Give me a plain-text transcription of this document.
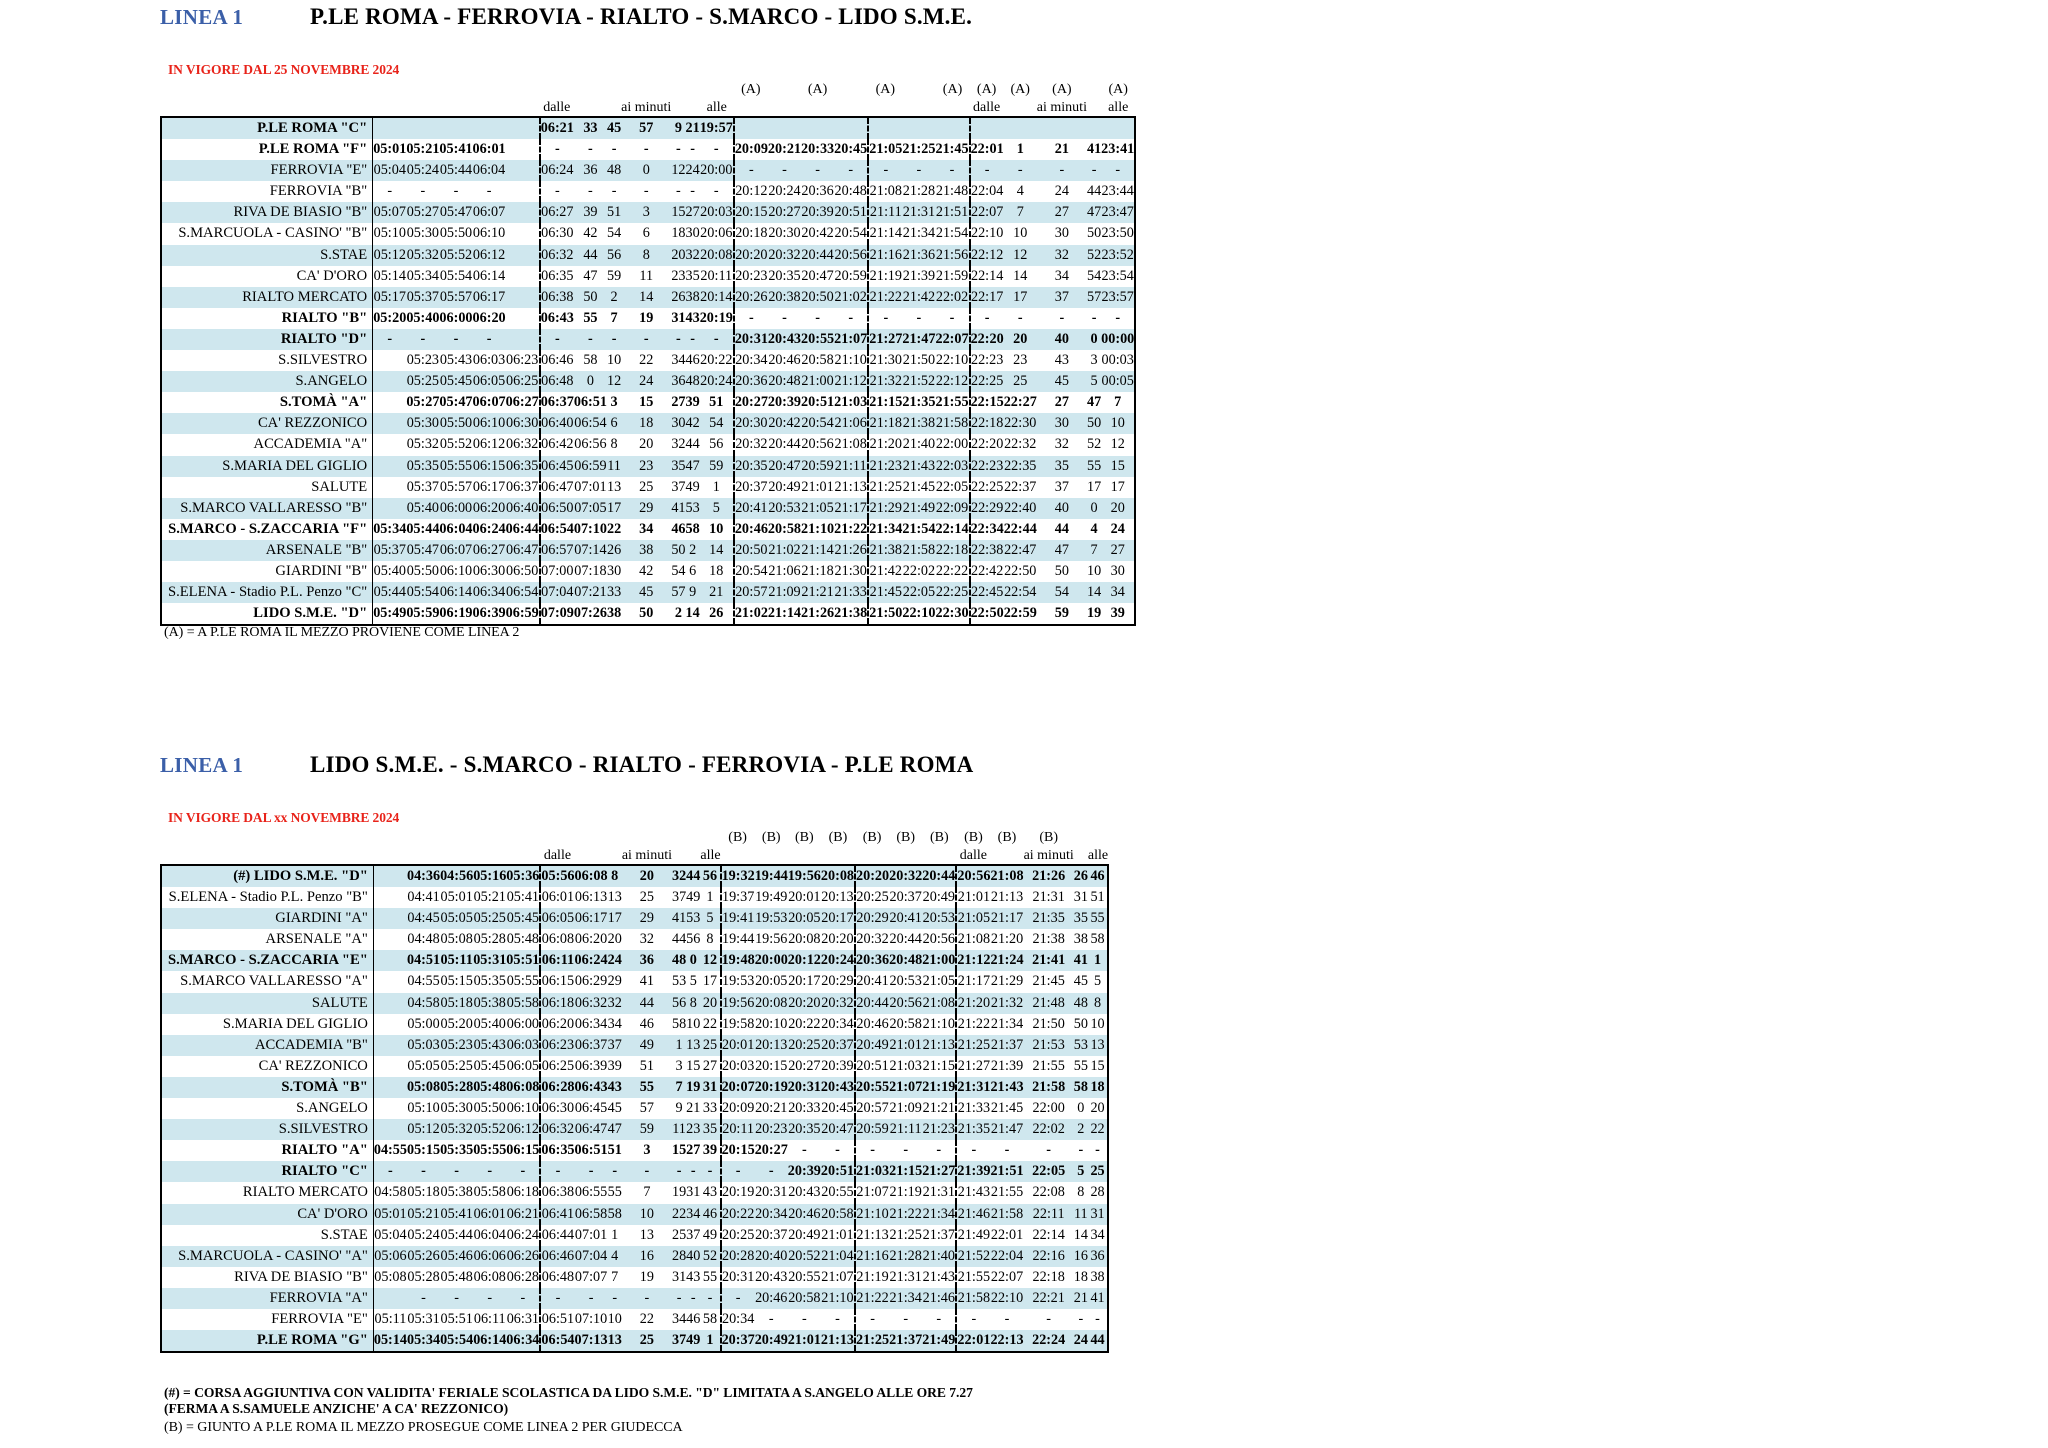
LINEA 1	P.LE ROMA - FERROVIA - RIALTO - S.MARCO - LIDO S.M.E.
IN VIGORE DAL 25 NOVEMBRE 2024
													(A)		(A)		(A)		(A)	(A)	(A)	(A)		(A)
						dalle			ai minuti			alle								dalle		ai minuti		alle
P.LE ROMA "C"						06:21	33	45	57	9	21	19:57												
P.LE ROMA "F"	05:01	05:21	05:41	06:01		-	-	-	-	-	-	-	20:09	20:21	20:33	20:45	21:05	21:25	21:45	22:01	1	21	41	23:41
FERROVIA "E"	05:04	05:24	05:44	06:04		06:24	36	48	0	12	24	20:00	-	-	-	-	-	-	-	-	-	-	-	-
FERROVIA "B"	-	-	-	-		-	-	-	-	-	-	-	20:12	20:24	20:36	20:48	21:08	21:28	21:48	22:04	4	24	44	23:44
RIVA DE BIASIO "B"	05:07	05:27	05:47	06:07		06:27	39	51	3	15	27	20:03	20:15	20:27	20:39	20:51	21:11	21:31	21:51	22:07	7	27	47	23:47
S.MARCUOLA - CASINO' "B"	05:10	05:30	05:50	06:10		06:30	42	54	6	18	30	20:06	20:18	20:30	20:42	20:54	21:14	21:34	21:54	22:10	10	30	50	23:50
S.STAE	05:12	05:32	05:52	06:12		06:32	44	56	8	20	32	20:08	20:20	20:32	20:44	20:56	21:16	21:36	21:56	22:12	12	32	52	23:52
CA' D'ORO	05:14	05:34	05:54	06:14		06:35	47	59	11	23	35	20:11	20:23	20:35	20:47	20:59	21:19	21:39	21:59	22:14	14	34	54	23:54
RIALTO MERCATO	05:17	05:37	05:57	06:17		06:38	50	2	14	26	38	20:14	20:26	20:38	20:50	21:02	21:22	21:42	22:02	22:17	17	37	57	23:57
RIALTO "B"	05:20	05:40	06:00	06:20		06:43	55	7	19	31	43	20:19	-	-	-	-	-	-	-	-	-	-	-	-
RIALTO "D"	-	-	-	-		-	-	-	-	-	-	-	20:31	20:43	20:55	21:07	21:27	21:47	22:07	22:20	20	40	0	00:00
S.SILVESTRO		05:23	05:43	06:03	06:23	06:46	58	10	22	34	46	20:22	20:34	20:46	20:58	21:10	21:30	21:50	22:10	22:23	23	43	3	00:03
S.ANGELO		05:25	05:45	06:05	06:25	06:48	0	12	24	36	48	20:24	20:36	20:48	21:00	21:12	21:32	21:52	22:12	22:25	25	45	5	00:05
S.TOMÀ "A"		05:27	05:47	06:07	06:27	06:37	06:51	3	15	27	39	51	20:27	20:39	20:51	21:03	21:15	21:35	21:55	22:15	22:27	27	47	7
CA' REZZONICO		05:30	05:50	06:10	06:30	06:40	06:54	6	18	30	42	54	20:30	20:42	20:54	21:06	21:18	21:38	21:58	22:18	22:30	30	50	10
ACCADEMIA "A"		05:32	05:52	06:12	06:32	06:42	06:56	8	20	32	44	56	20:32	20:44	20:56	21:08	21:20	21:40	22:00	22:20	22:32	32	52	12
S.MARIA DEL GIGLIO		05:35	05:55	06:15	06:35	06:45	06:59	11	23	35	47	59	20:35	20:47	20:59	21:11	21:23	21:43	22:03	22:23	22:35	35	55	15
SALUTE		05:37	05:57	06:17	06:37	06:47	07:01	13	25	37	49	1	20:37	20:49	21:01	21:13	21:25	21:45	22:05	22:25	22:37	37	17	17
S.MARCO VALLARESSO "B"		05:40	06:00	06:20	06:40	06:50	07:05	17	29	41	53	5	20:41	20:53	21:05	21:17	21:29	21:49	22:09	22:29	22:40	40	0	20
S.MARCO - S.ZACCARIA "F"	05:34	05:44	06:04	06:24	06:44	06:54	07:10	22	34	46	58	10	20:46	20:58	21:10	21:22	21:34	21:54	22:14	22:34	22:44	44	4	24
ARSENALE "B"	05:37	05:47	06:07	06:27	06:47	06:57	07:14	26	38	50	2	14	20:50	21:02	21:14	21:26	21:38	21:58	22:18	22:38	22:47	47	7	27
GIARDINI "B"	05:40	05:50	06:10	06:30	06:50	07:00	07:18	30	42	54	6	18	20:54	21:06	21:18	21:30	21:42	22:02	22:22	22:42	22:50	50	10	30
S.ELENA - Stadio P.L. Penzo "C"	05:44	05:54	06:14	06:34	06:54	07:04	07:21	33	45	57	9	21	20:57	21:09	21:21	21:33	21:45	22:05	22:25	22:45	22:54	54	14	34
LIDO S.M.E. "D"	05:49	05:59	06:19	06:39	06:59	07:09	07:26	38	50	2	14	26	21:02	21:14	21:26	21:38	21:50	22:10	22:30	22:50	22:59	59	19	39
(A) = A P.LE ROMA IL MEZZO PROVIENE COME LINEA 2
LINEA 1	LIDO S.M.E. - S.MARCO - RIALTO - FERROVIA - P.LE ROMA
IN VIGORE DAL xx NOVEMBRE 2024
													(B)	(B)	(B)	(B)	(B)	(B)	(B)	(B)	(B)	(B)		
						dalle			ai minuti			alle								dalle		ai minuti		alle
(#) LIDO S.M.E. "D"		04:36	04:56	05:16	05:36	05:56	06:08	8	20	32	44	56	19:32	19:44	19:56	20:08	20:20	20:32	20:44	20:56	21:08	21:26	26	46
S.ELENA - Stadio P.L. Penzo "B"		04:41	05:01	05:21	05:41	06:01	06:13	13	25	37	49	1	19:37	19:49	20:01	20:13	20:25	20:37	20:49	21:01	21:13	21:31	31	51
GIARDINI "A"		04:45	05:05	05:25	05:45	06:05	06:17	17	29	41	53	5	19:41	19:53	20:05	20:17	20:29	20:41	20:53	21:05	21:17	21:35	35	55
ARSENALE "A"		04:48	05:08	05:28	05:48	06:08	06:20	20	32	44	56	8	19:44	19:56	20:08	20:20	20:32	20:44	20:56	21:08	21:20	21:38	38	58
S.MARCO - S.ZACCARIA "E"		04:51	05:11	05:31	05:51	06:11	06:24	24	36	48	0	12	19:48	20:00	20:12	20:24	20:36	20:48	21:00	21:12	21:24	21:41	41	1
S.MARCO VALLARESSO "A"		04:55	05:15	05:35	05:55	06:15	06:29	29	41	53	5	17	19:53	20:05	20:17	20:29	20:41	20:53	21:05	21:17	21:29	21:45	45	5
SALUTE		04:58	05:18	05:38	05:58	06:18	06:32	32	44	56	8	20	19:56	20:08	20:20	20:32	20:44	20:56	21:08	21:20	21:32	21:48	48	8
S.MARIA DEL GIGLIO		05:00	05:20	05:40	06:00	06:20	06:34	34	46	58	10	22	19:58	20:10	20:22	20:34	20:46	20:58	21:10	21:22	21:34	21:50	50	10
ACCADEMIA "B"		05:03	05:23	05:43	06:03	06:23	06:37	37	49	1	13	25	20:01	20:13	20:25	20:37	20:49	21:01	21:13	21:25	21:37	21:53	53	13
CA' REZZONICO		05:05	05:25	05:45	06:05	06:25	06:39	39	51	3	15	27	20:03	20:15	20:27	20:39	20:51	21:03	21:15	21:27	21:39	21:55	55	15
S.TOMÀ "B"		05:08	05:28	05:48	06:08	06:28	06:43	43	55	7	19	31	20:07	20:19	20:31	20:43	20:55	21:07	21:19	21:31	21:43	21:58	58	18
S.ANGELO		05:10	05:30	05:50	06:10	06:30	06:45	45	57	9	21	33	20:09	20:21	20:33	20:45	20:57	21:09	21:21	21:33	21:45	22:00	0	20
S.SILVESTRO		05:12	05:32	05:52	06:12	06:32	06:47	47	59	11	23	35	20:11	20:23	20:35	20:47	20:59	21:11	21:23	21:35	21:47	22:02	2	22
RIALTO "A"	04:55	05:15	05:35	05:55	06:15	06:35	06:51	51	3	15	27	39	20:15	20:27	-	-	-	-	-	-	-	-	-	-
RIALTO "C"	-	-	-	-	-	-	-	-	-	-	-	-	-	-	20:39	20:51	21:03	21:15	21:27	21:39	21:51	22:05	5	25
RIALTO MERCATO	04:58	05:18	05:38	05:58	06:18	06:38	06:55	55	7	19	31	43	20:19	20:31	20:43	20:55	21:07	21:19	21:31	21:43	21:55	22:08	8	28
CA' D'ORO	05:01	05:21	05:41	06:01	06:21	06:41	06:58	58	10	22	34	46	20:22	20:34	20:46	20:58	21:10	21:22	21:34	21:46	21:58	22:11	11	31
S.STAE	05:04	05:24	05:44	06:04	06:24	06:44	07:01	1	13	25	37	49	20:25	20:37	20:49	21:01	21:13	21:25	21:37	21:49	22:01	22:14	14	34
S.MARCUOLA - CASINO' "A"	05:06	05:26	05:46	06:06	06:26	06:46	07:04	4	16	28	40	52	20:28	20:40	20:52	21:04	21:16	21:28	21:40	21:52	22:04	22:16	16	36
RIVA DE BIASIO "B"	05:08	05:28	05:48	06:08	06:28	06:48	07:07	7	19	31	43	55	20:31	20:43	20:55	21:07	21:19	21:31	21:43	21:55	22:07	22:18	18	38
FERROVIA "A"		-	-	-	-	-	-	-	-	-	-	-	-	20:46	20:58	21:10	21:22	21:34	21:46	21:58	22:10	22:21	21	41
FERROVIA "E"	05:11	05:31	05:51	06:11	06:31	06:51	07:10	10	22	34	46	58	20:34	-	-	-	-	-	-	-	-	-	-	-
P.LE ROMA "G"	05:14	05:34	05:54	06:14	06:34	06:54	07:13	13	25	37	49	1	20:37	20:49	21:01	21:13	21:25	21:37	21:49	22:01	22:13	22:24	24	44
(#) = CORSA AGGIUNTIVA CON VALIDITA' FERIALE SCOLASTICA DA LIDO S.M.E. "D" LIMITATA A S.ANGELO ALLE ORE 7.27 (FERMA A S.SAMUELE ANZICHE' A CA' REZZONICO)
(B) = GIUNTO A P.LE ROMA IL MEZZO PROSEGUE COME LINEA 2 PER GIUDECCA
